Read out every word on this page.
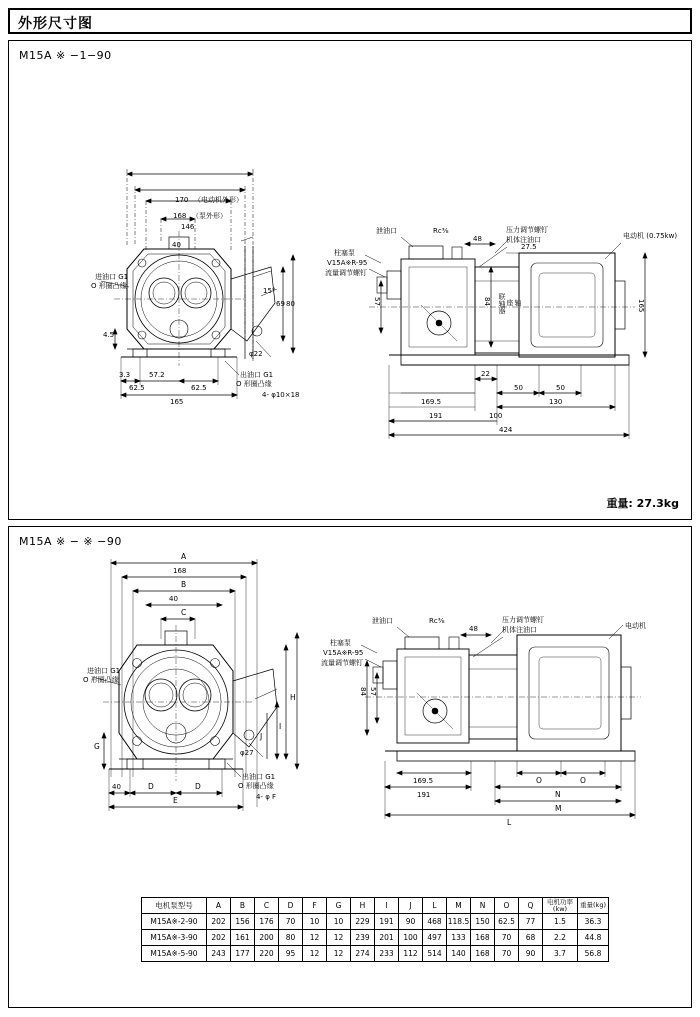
外形尺寸图
M15A ※ −1−90
重量: 27.3kg
170 （电动机外形）
168 （泵外形）
146
40
进油口 G1
O 形圈凸缘
4.5
3.3	57.2
62.5	62.5
165
69 80
15°
φ22
出油口 G1
O 形圈凸缘
4- φ10×18
泄油口	Rc⅜
柱塞泵
V15A※R-95
流量调节螺钉
压力调节螺钉
机体注油口	电动机 (0.75kw)
48
27.5
57	84	165
联轴器 座 轴
22
50	50
130
100
169.5
191
424
M15A ※ − ※ −90
A
168
B
40
C
G
40	D	D
E
H
I
J
φ27
进油口 G1
O 形圈凸缘
出油口 G1
O 形圈凸缘
4- φ F
泄油口	Rc⅜
柱塞泵
V15A※R-95
流量调节螺钉
压力调节螺钉
机体注油口	电动机
48
84 57
169.5
191
O	O
N
M
L
电机泵型号	A	B	C	D	F	G	H	I	J	L	M	N	O	Q	电机功率
(kw)	重量(kg)
M15A※-2-90	202	156	176	70	10	10	229	191	90	468	118.5	150	62.5	77	1.5	36.3
M15A※-3-90	202	161	200	80	12	12	239	201	100	497	133	168	70	68	2.2	44.8
M15A※-5-90	243	177	220	95	12	12	274	233	112	514	140	168	70	90	3.7	56.8
